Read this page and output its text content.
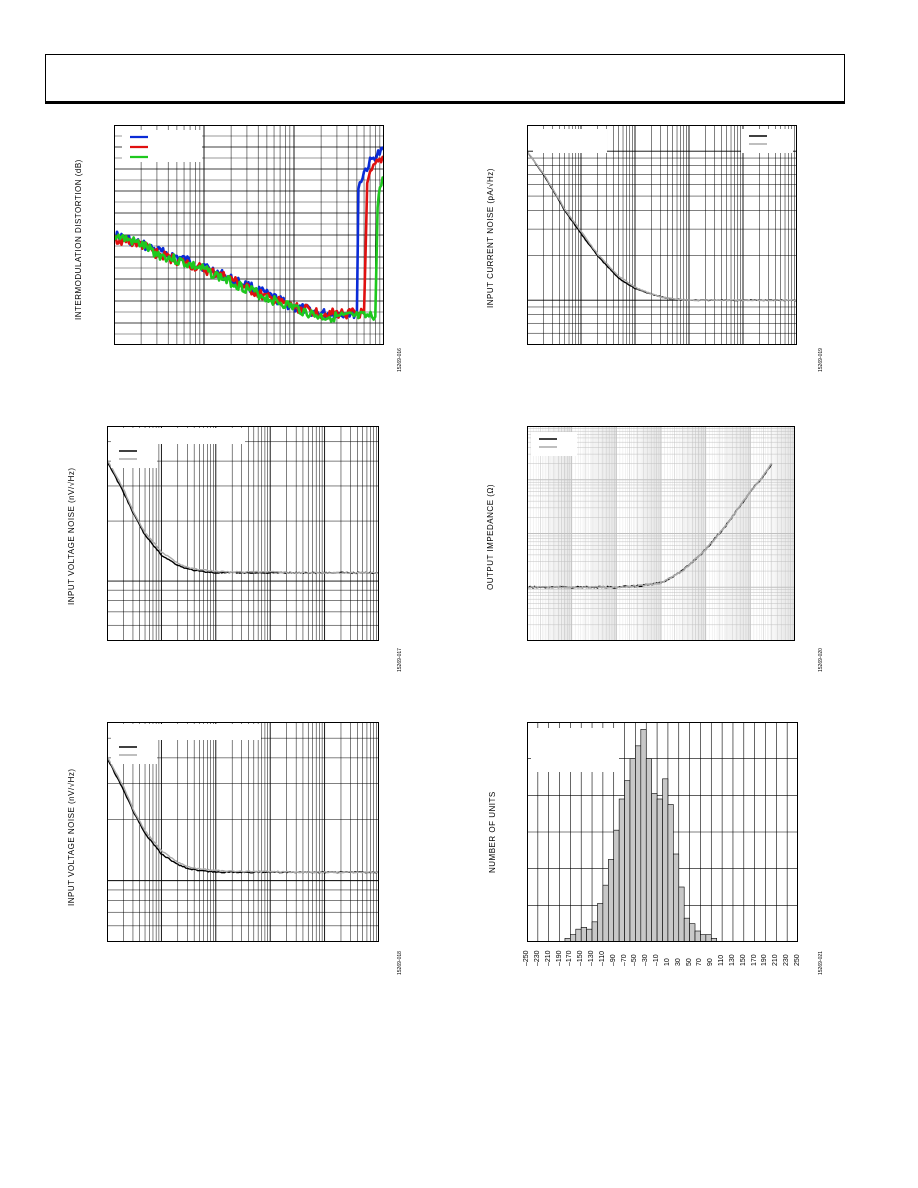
INTERMODULATION DISTORTION (dB)
15269-016
INPUT CURRENT NOISE (pA/√Hz)
15269-019
INPUT VOLTAGE NOISE (nV/√Hz)
15269-017
OUTPUT IMPEDANCE (Ω)
15269-020
INPUT VOLTAGE NOISE (nV/√Hz)
15269-018
NUMBER OF UNITS
15269-021
–250 –230 –210 –190 –170 –150 –130 –110 –90 –70 –50 –30 –10 10 30 50 70 90 110 130 150 170 190 210 230 250
